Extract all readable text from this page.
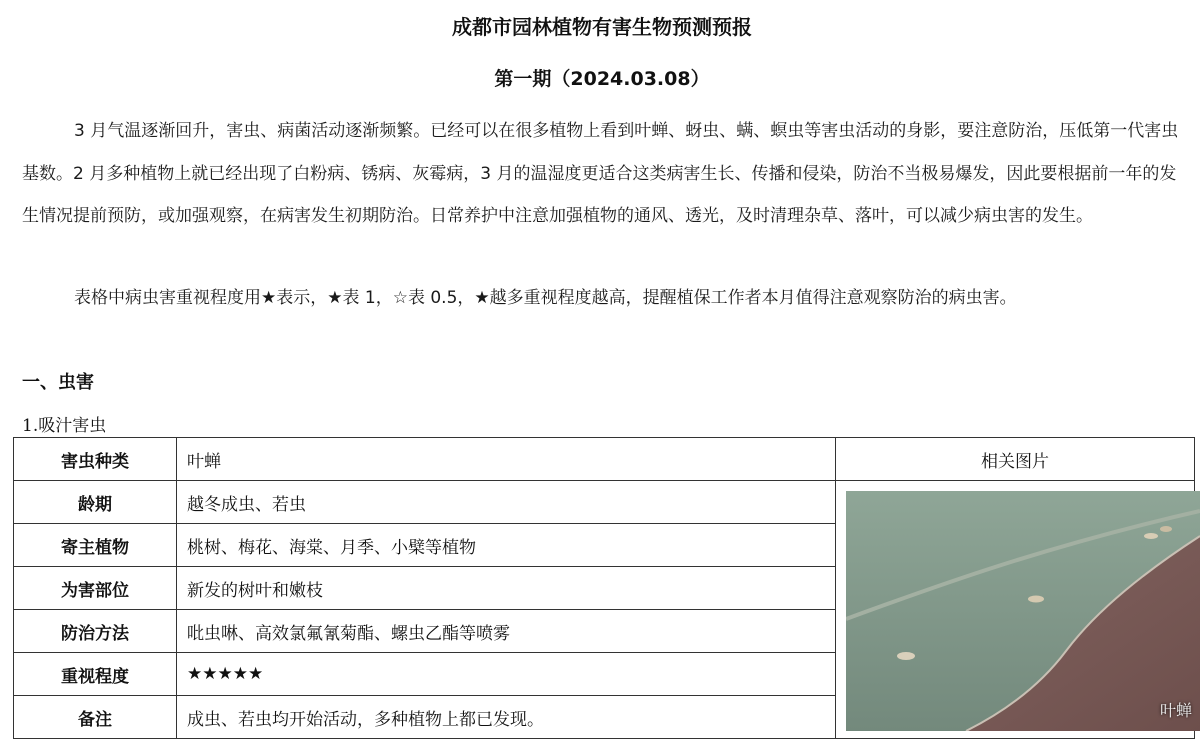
成都市园林植物有害生物预测预报
第一期（2024.03.08）
3 月气温逐渐回升，害虫、病菌活动逐渐频繁。已经可以在很多植物上看到叶蝉、蚜虫、螨、螟虫等害虫活动的身影，要注意防治，压低第一代害虫基数。2 月多种植物上就已经出现了白粉病、锈病、灰霉病，3 月的温湿度更适合这类病害生长、传播和侵染，防治不当极易爆发，因此要根据前一年的发生情况提前预防，或加强观察，在病害发生初期防治。日常养护中注意加强植物的通风、透光，及时清理杂草、落叶，可以减少病虫害的发生。
表格中病虫害重视程度用★表示，★表 1，☆表 0.5，★越多重视程度越高，提醒植保工作者本月值得注意观察防治的病虫害。
一、虫害
1.吸汁害虫
害虫种类	叶蝉	相关图片
龄期	越冬成虫、若虫	叶蝉

寄主植物	桃树、梅花、海棠、月季、小檗等植物	
为害部位	新发的树叶和嫩枝	
防治方法	吡虫啉、高效氯氟氰菊酯、螺虫乙酯等喷雾	
重视程度	★★★★★	
备注	成虫、若虫均开始活动，多种植物上都已发现。	
